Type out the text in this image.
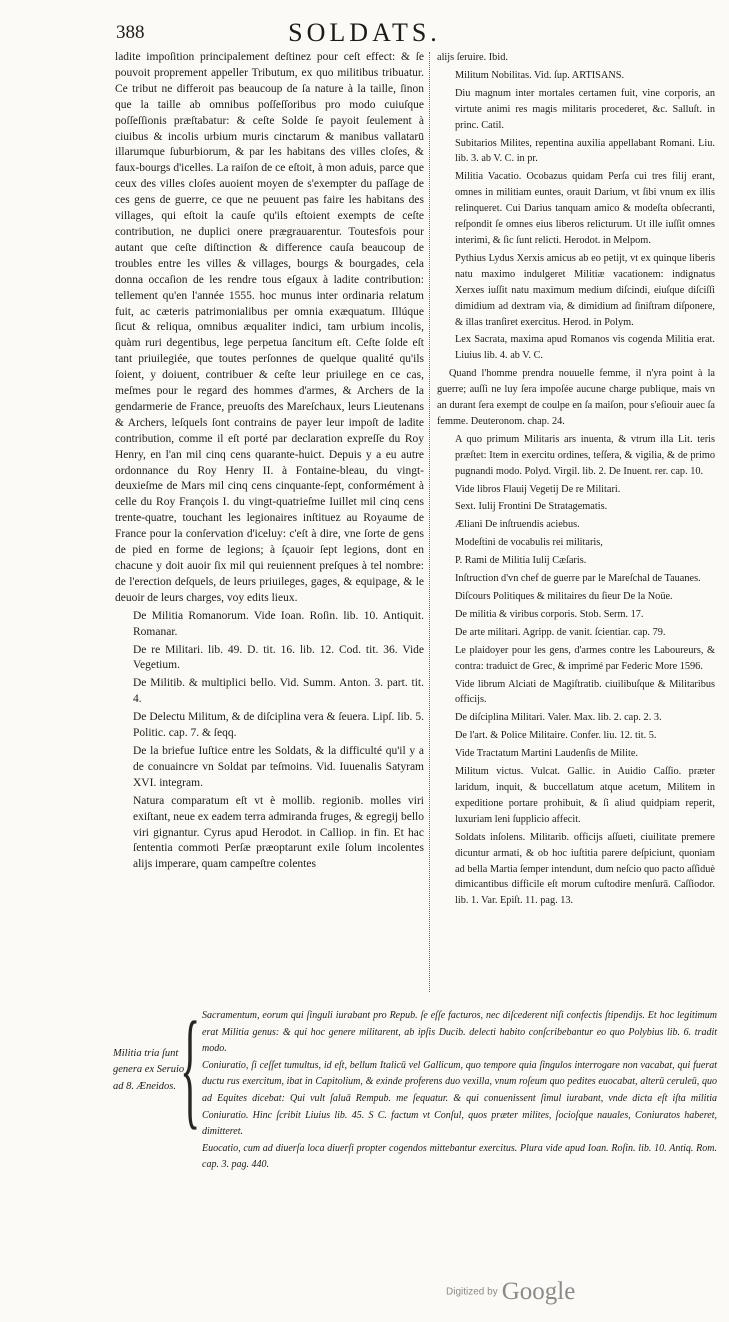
388	SOLDATS.

ladite impoſition principalement deſtinez pour ceſt effect: & ſe pouvoit proprement appeller Tributum, ex quo militibus tribuatur. Ce tribut ne differoit pas beaucoup de ſa nature à la taille, ſinon que la taille ab omnibus poſſeſſoribus pro modo cuiuſque poſſeſſionis præſtabatur: & ceſte Solde ſe payoit ſeulement à ciuibus & incolis urbium muris cinctarum & manibus vallatarū illarumque ſuburbiorum, & par les habitans des villes cloſes, & faux-bourgs d'icelles. La raiſon de ce eſtoit, à mon aduis, parce que ceux des villes cloſes auoient moyen de s'exempter du paſſage de ces gens de guerre, ce que ne peuuent pas faire les habitans des villages, qui eſtoit la cauſe qu'ils eſtoient exempts de ceſte contribution, ne duplici onere prægrauarentur. Toutesfois pour autant que ceſte diſtinction & difference cauſa beaucoup de troubles entre les villes & villages, bourgs & bourgades, cela donna occaſion de les rendre tous eſgaux à ladite contribution: tellement qu'en l'année 1555. hoc munus inter ordinaria relatum fuit, ac cæteris patrimonialibus per omnia exæquatum. Illúque ſicut & reliqua, omnibus æqualiter indici, tam urbium incolis, quàm ruri degentibus, lege perpetua ſancitum eſt. Ceſte ſolde eſt tant priuilegiée, que toutes perſonnes de quelque qualité qu'ils ſoient, y doiuent, contribuer & ceſte leur priuilege en ce cas, meſmes pour le regard des hommes d'armes, & Archers de la gendarmerie de France, preuoſts des Mareſchaux, leurs Lieutenans & Archers, leſquels ſont contrains de payer leur impoſt de ladite contribution, comme il eſt porté par declaration expreſſe du Roy Henry, en l'an mil cinq cens quarante-huict. Depuis y a eu autre ordonnance du Roy Henry II. à Fontaine-bleau, du vingt-deuxieſme de Mars mil cinq cens cinquante-ſept, conformément à celle du Roy François I. du vingt-quatrieſme Iuillet mil cinq cens trente-quatre, touchant les legionaires inſtituez au Royaume de France pour la conſervation d'iceluy: c'eſt à dire, vne ſorte de gens de pied en forme de legions; à ſçauoir ſept legions, dont en chacune y doit auoir ſix mil qui reuiennent preſques à tel nombre: de l'erection deſquels, de leurs priuileges, gages, & equipage, & le deuoir de leurs charges, voy edits lieux.

De Militia Romanorum. Vide Ioan. Roſin. lib. 10. Antiquit. Romanar.

De re Militari. lib. 49. D. tit. 16. lib. 12. Cod. tit. 36. Vide Vegetium.

De Militib. & multiplici bello. Vid. Summ. Anton. 3. part. tit. 4.

De Delectu Militum, & de diſciplina vera & ſeuera. Lipſ. lib. 5. Politic. cap. 7. & ſeqq.

De la briefue Iuſtice entre les Soldats, & la difficulté qu'il y a de conuaincre vn Soldat par teſmoins. Vid. Iuuenalis Satyram XVI. integram.

Natura comparatum eſt vt è mollib. regionib. molles viri exiſtant, neue ex eadem terra admiranda fruges, & egregij bello viri gignantur. Cyrus apud Herodot. in Calliop. in fin. Et hac ſententia commoti Perſæ præoptarunt exile ſolum incolentes alijs imperare, quam campeſtre colentes

alijs ſeruire. Ibid.

Militum Nobilitas. Vid. ſup. ARTISANS.

Diu magnum inter mortales certamen fuit, vine corporis, an virtute animi res magis militaris procederet, &c. Salluſt. in princ. Catil.

Subitarios Milites, repentina auxilia appellabant Romani. Liu. lib. 3. ab V. C. in pr.

Militia Vacatio. Ocobazus quidam Perſa cui tres filij erant, omnes in militiam euntes, orauit Darium, vt ſibi vnum ex illis relinqueret. Cui Darius tanquam amico & modeſta obſecranti, reſpondit ſe omnes eius liberos relicturum. Ut ille iuſſit omnes interimi, & ſic ſunt relicti. Herodot. in Melpom.

Pythius Lydus Xerxis amicus ab eo petijt, vt ex quinque liberis natu maximo indulgeret Militiæ vacationem: indignatus Xerxes iuſſit natu maximum medium diſcindi, eiuſque diſciſſi dimidium ad dextram via, & dimidium ad ſiniſtram diſponere, & illas tranſiret exercitus. Herod. in Polym.

Lex Sacrata, maxima apud Romanos vis cogenda Militia erat. Liuius lib. 4. ab V. C.

Quand l'homme prendra nouuelle femme, il n'yra point à la guerre; auſſi ne luy ſera impoſée aucune charge publique, mais vn an durant ſera exempt de coulpe en ſa maiſon, pour s'eſiouir auec ſa femme. Deuteronom. chap. 24.

A quo primum Militaris ars inuenta, & vtrum illa Lit. teris præſtet: Item in exercitu ordines, teſſera, & vigilia, & de primo pugnandi modo. Polyd. Virgil. lib. 2. De Inuent. rer. cap. 10.

Vide libros Flauij Vegetij De re Militari.

Sext. Iulij Frontini De Stratagematis.

Æliani De inſtruendis aciebus.

Modeſtini de vocabulis rei militaris,

P. Rami de Militia Iulij Cæſaris.

Inſtruction d'vn chef de guerre par le Mareſchal de Tauanes.

Diſcours Politiques & militaires du ſieur De la Noüe.

De militia & viribus corporis. Stob. Serm. 17.

De arte militari. Agripp. de vanit. ſcientiar. cap. 79.

Le plaidoyer pour les gens, d'armes contre les Laboureurs, & contra: traduict de Grec, & imprimé par Federic More 1596.

Vide librum Alciati de Magiſtratib. ciuilibuſque & Militaribus officijs.

De diſciplina Militari. Valer. Max. lib. 2. cap. 2. 3.

De l'art. & Police Militaire. Confer. liu. 12. tit. 5.

Vide Tractatum Martini Laudenſis de Milite.

Militum victus. Vulcat. Gallic. in Auidio Caſſio. præter laridum, inquit, & buccellatum atque acetum, Militem in expeditione portare prohibuit, & ſi aliud quidpiam reperit, luxuriam leni ſupplicio affecit.

Soldats inſolens. Militarib. officijs aſſueti, ciuilitate premere dicuntur armati, & ob hoc iuſtitia parere deſpiciunt, quoniam ad bella Martia ſemper intendunt, dum neſcio quo pacto aſſiduè dimicantibus difficile eſt morum cuſtodire menſurā. Caſſiodor. lib. 1. Var. Epiſt. 11. pag. 13.

Militia tria ſunt genera ex Seruio ad 8. Æneidos. { Sacramentum, eorum qui ſinguli iurabant pro Repub. ſe eſſe facturos, nec diſcederent niſi confectis ſtipendijs. Et hoc legitimum erat Militia genus: & qui hoc genere militarent, ab ipſis Ducib. delecti habito conſcribebantur eo quo Polybius lib. 6. tradit modo.
Coniuratio, ſi ceſſet tumultus, id eſt, bellum Italicū vel Gallicum, quo tempore quia ſingulos interrogare non vacabat, qui fuerat ductu rus exercitum, ibat in Capitolium, & exinde proferens duo vexilla, vnum roſeum quo pedites euocabat, alterū ceruleū, quo ad Equites dicebat: Qui vult ſaluā Rempub. me ſequatur. & qui conuenissent ſimul iurabant, vnde dicta eſt iſta militia Coniuratio. Hinc ſcribit Liuius lib. 45. S C. factum vt Conſul, quos præter milites, ſocioſque nauales, Coniuratos haberet, dimitteret.
Euocatio, cum ad diuerſa loca diuerſi propter cogendos mittebantur exercitus. Plura vide apud Ioan. Roſin. lib. 10. Antiq. Rom. cap. 3. pag. 440.
Digitized by Google
